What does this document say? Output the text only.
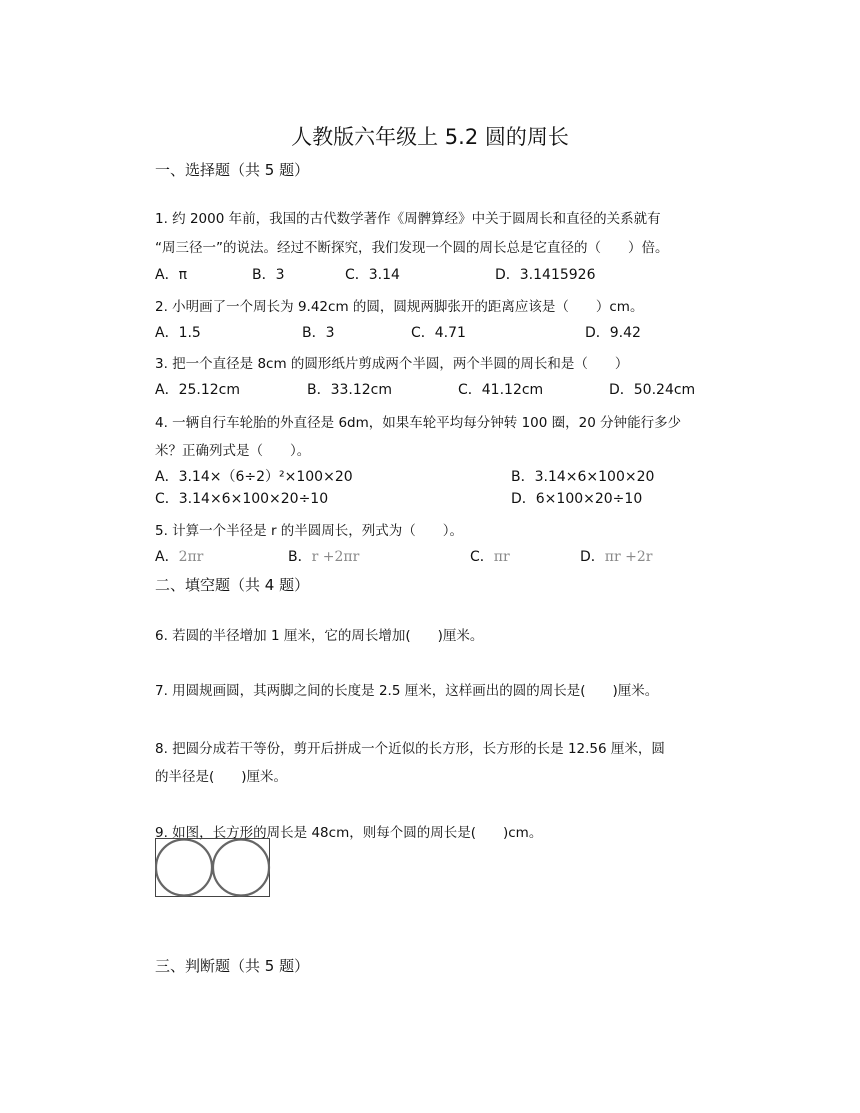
人教版六年级上 5.2 圆的周长
一、选择题（共 5 题）
1. 约 2000 年前，我国的古代数学著作《周髀算经》中关于圆周长和直径的关系就有
“周三径一”的说法。经过不断探究，我们发现一个圆的周长总是它直径的（　　）倍。
A．π	B．3	C．3.14	D．3.1415926
2. 小明画了一个周长为 9.42cm 的圆，圆规两脚张开的距离应该是（　　）cm。
A．1.5	B．3	C．4.71	D．9.42
3. 把一个直径是 8cm 的圆形纸片剪成两个半圆，两个半圆的周长和是（　　）
A．25.12cm	B．33.12cm	C．41.12cm	D．50.24cm
4. 一辆自行车轮胎的外直径是 6dm，如果车轮平均每分钟转 100 圈，20 分钟能行多少
米？正确列式是（　　）。
A．3.14×（6÷2）²×100×20	B．3.14×6×100×20
C．3.14×6×100×20÷10	D．6×100×20÷10
5. 计算一个半径是 r 的半圆周长，列式为（　　）。
A．2πr	B．r +2πr	C．πr	D．πr +2r
二、填空题（共 4 题）
6. 若圆的半径增加 1 厘米，它的周长增加(　　)厘米。
7. 用圆规画圆，其两脚之间的长度是 2.5 厘米，这样画出的圆的周长是(　　)厘米。
8. 把圆分成若干等份，剪开后拼成一个近似的长方形，长方形的长是 12.56 厘米，圆
的半径是(　　)厘米。
9. 如图，长方形的周长是 48cm，则每个圆的周长是(　　)cm。
三、判断题（共 5 题）
